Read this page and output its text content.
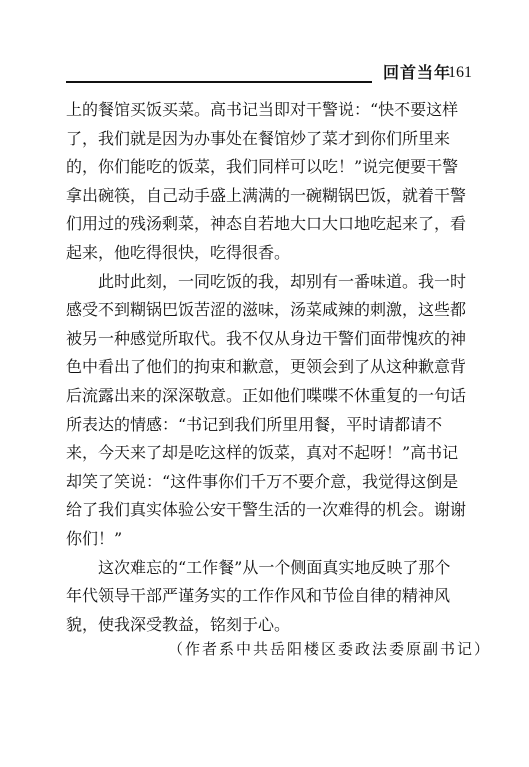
回首当年
161
上的餐馆买饭买菜。高书记当即对干警说：“快不要这样
了，我们就是因为办事处在餐馆炒了菜才到你们所里来
的，你们能吃的饭菜，我们同样可以吃！”说完便要干警
拿出碗筷，自己动手盛上满满的一碗糊锅巴饭，就着干警
们用过的残汤剩菜，神态自若地大口大口地吃起来了，看
起来，他吃得很快，吃得很香。
　　此时此刻，一同吃饭的我，却别有一番味道。我一时
感受不到糊锅巴饭苦涩的滋味，汤菜咸辣的刺激，这些都
被另一种感觉所取代。我不仅从身边干警们面带愧疚的神
色中看出了他们的拘束和歉意，更领会到了从这种歉意背
后流露出来的深深敬意。正如他们喋喋不休重复的一句话
所表达的情感：“书记到我们所里用餐，平时请都请不
来，今天来了却是吃这样的饭菜，真对不起呀！”高书记
却笑了笑说：“这件事你们千万不要介意，我觉得这倒是
给了我们真实体验公安干警生活的一次难得的机会。谢谢
你们！”
　　这次难忘的“工作餐”从一个侧面真实地反映了那个
年代领导干部严谨务实的工作作风和节俭自律的精神风
貌，使我深受教益，铭刻于心。
（作者系中共岳阳楼区委政法委原副书记）
